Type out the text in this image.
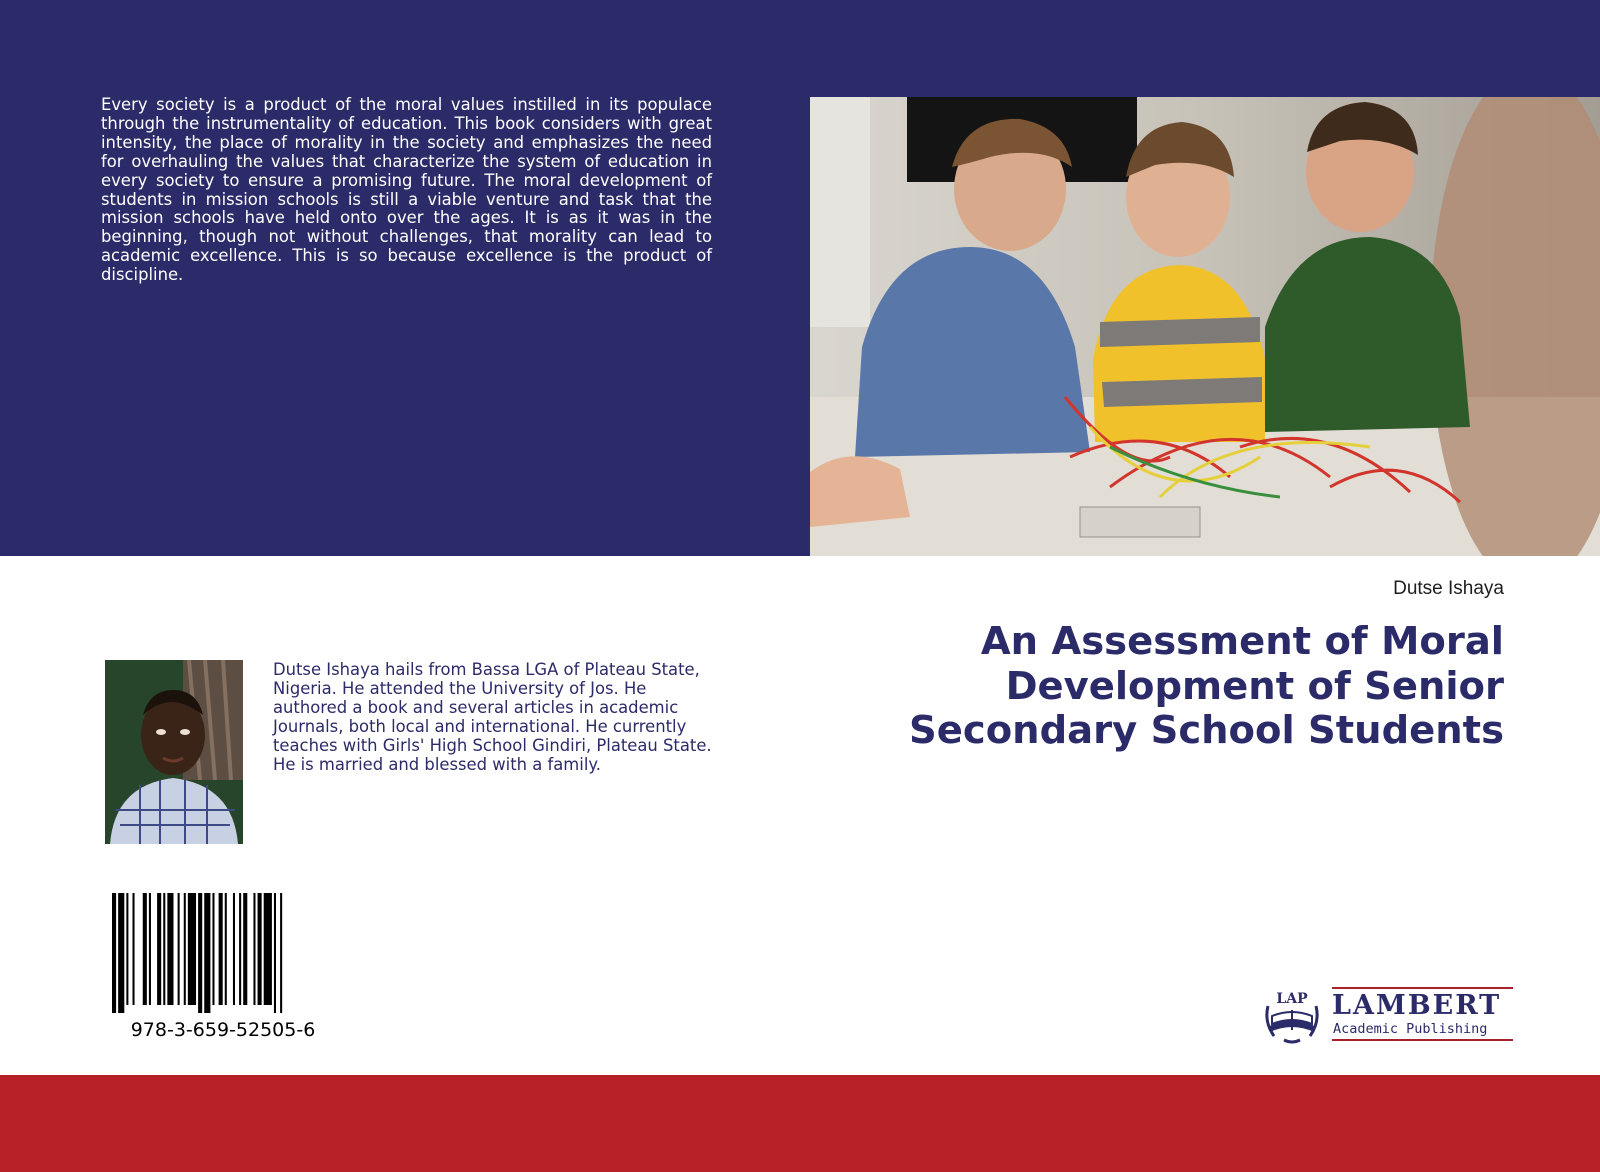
Every society is a product of the moral values instilled in its populace through the instrumentality of education. This book considers with great intensity, the place of morality in the society and emphasizes the need for overhauling the values that characterize the system of education in every society to ensure a promising future. The moral development of students in mission schools is still a viable venture and task that the mission schools have held onto over the ages. It is as it was in the beginning, though not without challenges, that morality can lead to academic excellence. This is so because excellence is the product of discipline.

Dutse Ishaya

An Assessment of Moral
Development of Senior
Secondary School Students

Dutse Ishaya hails from Bassa LGA of Plateau State, Nigeria. He attended the University of Jos. He authored a book and several articles in academic Journals, both local and international. He currently teaches with Girls' High School Gindiri, Plateau State. He is married and blessed with a family.

978-3-659-52505-6

LAP LAMBERT
Academic Publishing
